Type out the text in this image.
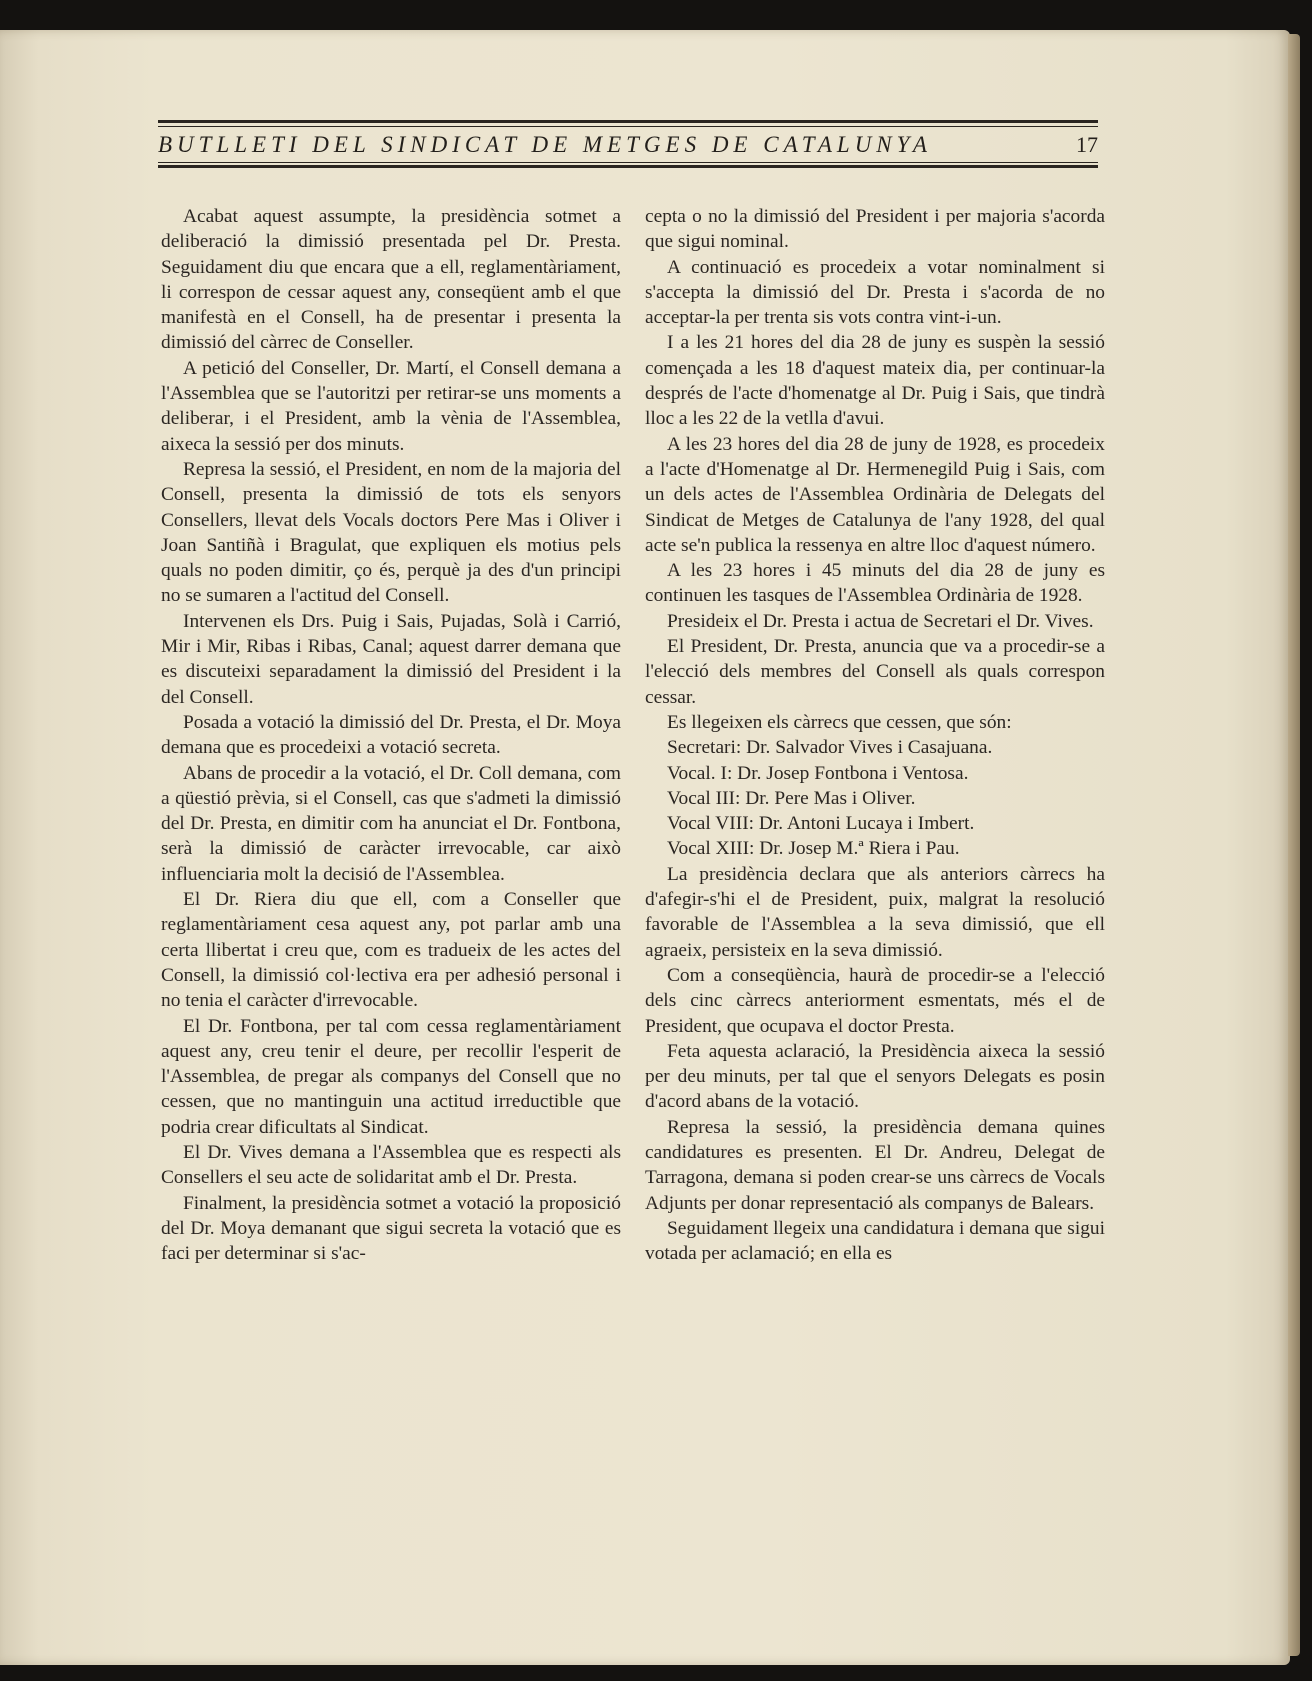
BUTLLETI DEL SINDICAT DE METGES DE CATALUNYA	17

Acabat aquest assumpte, la presidència sotmet a deliberació la dimissió presentada pel Dr. Presta. Seguidament diu que encara que a ell, reglamentàriament, li correspon de cessar aquest any, conseqüent amb el que manifestà en el Consell, ha de presentar i presenta la dimissió del càrrec de Conseller.

A petició del Conseller, Dr. Martí, el Consell demana a l'Assemblea que se l'autoritzi per retirar-se uns moments a deliberar, i el President, amb la vènia de l'Assemblea, aixeca la sessió per dos minuts.

Represa la sessió, el President, en nom de la majoria del Consell, presenta la dimissió de tots els senyors Consellers, llevat dels Vocals doctors Pere Mas i Oliver i Joan Santiñà i Bragulat, que expliquen els motius pels quals no poden dimitir, ço és, perquè ja des d'un principi no se sumaren a l'actitud del Consell.

Intervenen els Drs. Puig i Sais, Pujadas, Solà i Carrió, Mir i Mir, Ribas i Ribas, Canal; aquest darrer demana que es discuteixi separadament la dimissió del President i la del Consell.

Posada a votació la dimissió del Dr. Presta, el Dr. Moya demana que es procedeixi a votació secreta.

Abans de procedir a la votació, el Dr. Coll demana, com a qüestió prèvia, si el Consell, cas que s'admeti la dimissió del Dr. Presta, en dimitir com ha anunciat el Dr. Fontbona, serà la dimissió de caràcter irrevocable, car això influenciaria molt la decisió de l'Assemblea.

El Dr. Riera diu que ell, com a Conseller que reglamentàriament cesa aquest any, pot parlar amb una certa llibertat i creu que, com es tradueix de les actes del Consell, la dimissió col·lectiva era per adhesió personal i no tenia el caràcter d'irrevocable.

El Dr. Fontbona, per tal com cessa reglamentàriament aquest any, creu tenir el deure, per recollir l'esperit de l'Assemblea, de pregar als companys del Consell que no cessen, que no mantinguin una actitud irreductible que podria crear dificultats al Sindicat.

El Dr. Vives demana a l'Assemblea que es respecti als Consellers el seu acte de solidaritat amb el Dr. Presta.

Finalment, la presidència sotmet a votació la proposició del Dr. Moya demanant que sigui secreta la votació que es faci per determinar si s'ac-

cepta o no la dimissió del President i per majoria s'acorda que sigui nominal.

A continuació es procedeix a votar nominalment si s'accepta la dimissió del Dr. Presta i s'acorda de no acceptar-la per trenta sis vots contra vint-i-un.

I a les 21 hores del dia 28 de juny es suspèn la sessió començada a les 18 d'aquest mateix dia, per continuar-la després de l'acte d'homenatge al Dr. Puig i Sais, que tindrà lloc a les 22 de la vetlla d'avui.

A les 23 hores del dia 28 de juny de 1928, es procedeix a l'acte d'Homenatge al Dr. Hermenegild Puig i Sais, com un dels actes de l'Assemblea Ordinària de Delegats del Sindicat de Metges de Catalunya de l'any 1928, del qual acte se'n publica la ressenya en altre lloc d'aquest número.

A les 23 hores i 45 minuts del dia 28 de juny es continuen les tasques de l'Assemblea Ordinària de 1928.

Presideix el Dr. Presta i actua de Secretari el Dr. Vives.

El President, Dr. Presta, anuncia que va a procedir-se a l'elecció dels membres del Consell als quals correspon cessar.

Es llegeixen els càrrecs que cessen, que són:

Secretari: Dr. Salvador Vives i Casajuana.

Vocal. I: Dr. Josep Fontbona i Ventosa.

Vocal III: Dr. Pere Mas i Oliver.

Vocal VIII: Dr. Antoni Lucaya i Imbert.

Vocal XIII: Dr. Josep M.ª Riera i Pau.

La presidència declara que als anteriors càrrecs ha d'afegir-s'hi el de President, puix, malgrat la resolució favorable de l'Assemblea a la seva dimissió, que ell agraeix, persisteix en la seva dimissió.

Com a conseqüència, haurà de procedir-se a l'elecció dels cinc càrrecs anteriorment esmentats, més el de President, que ocupava el doctor Presta.

Feta aquesta aclaració, la Presidència aixeca la sessió per deu minuts, per tal que el senyors Delegats es posin d'acord abans de la votació.

Represa la sessió, la presidència demana quines candidatures es presenten. El Dr. Andreu, Delegat de Tarragona, demana si poden crear-se uns càrrecs de Vocals Adjunts per donar representació als companys de Balears.

Seguidament llegeix una candidatura i demana que sigui votada per aclamació; en ella es
